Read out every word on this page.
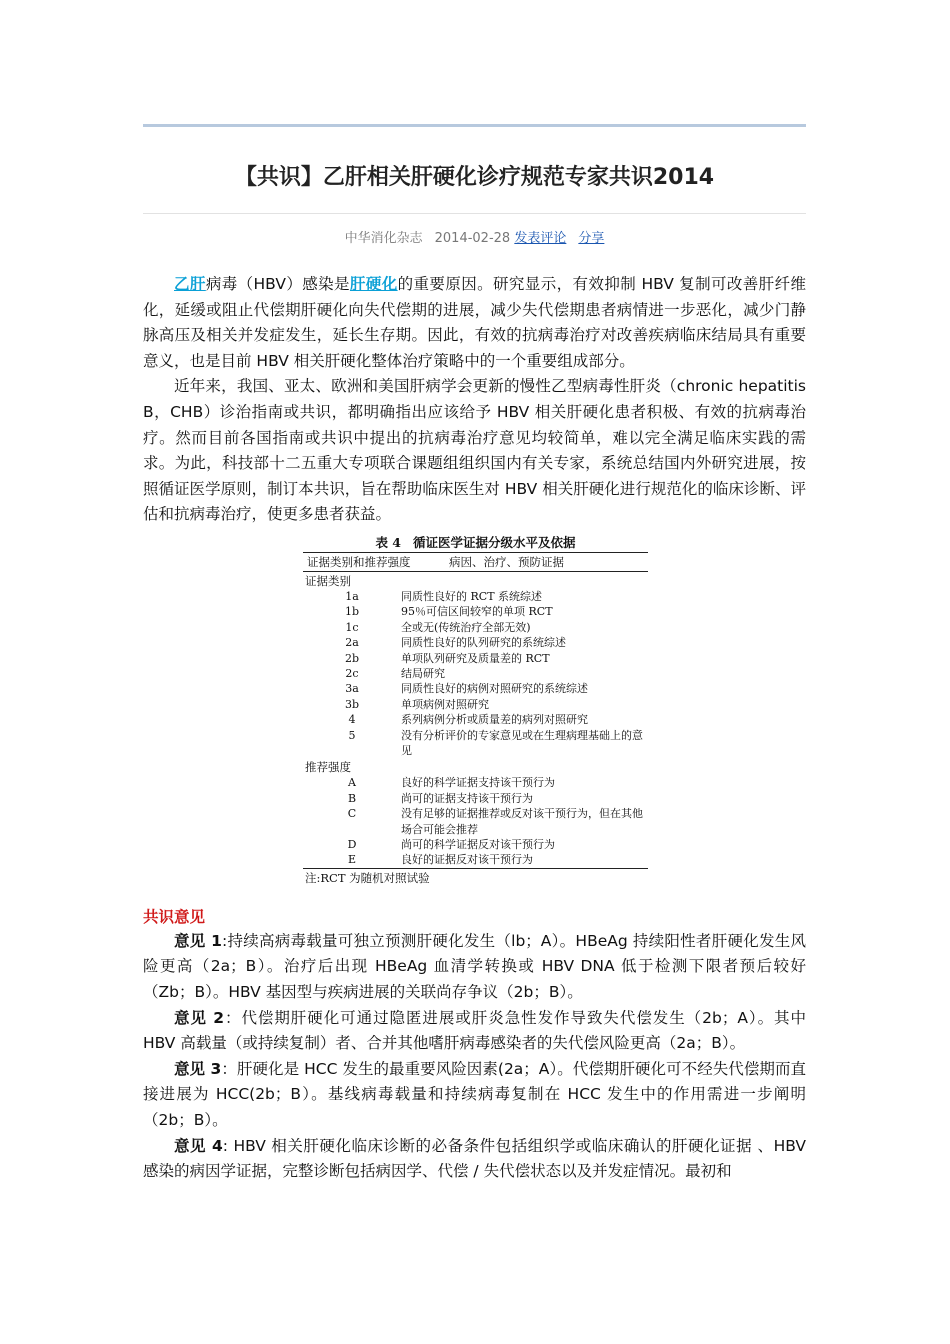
【共识】乙肝相关肝硬化诊疗规范专家共识2014
中华消化杂志 2014-02-28 发表评论 分享

乙肝病毒（HBV）感染是肝硬化的重要原因。研究显示，有效抑制 HBV 复制可改善肝纤维化，延缓或阻止代偿期肝硬化向失代偿期的进展，减少失代偿期患者病情进一步恶化，减少门静脉高压及相关并发症发生，延长生存期。因此，有效的抗病毒治疗对改善疾病临床结局具有重要意义，也是目前 HBV 相关肝硬化整体治疗策略中的一个重要组成部分。

近年来，我国、亚太、欧洲和美国肝病学会更新的慢性乙型病毒性肝炎（chronic hepatitis B，CHB）诊治指南或共识，都明确指出应该给予 HBV 相关肝硬化患者积极、有效的抗病毒治疗。然而目前各国指南或共识中提出的抗病毒治疗意见均较简单，难以完全满足临床实践的需求。为此，科技部十二五重大专项联合课题组组织国内有关专家，系统总结国内外研究进展，按照循证医学原则，制订本共识，旨在帮助临床医生对 HBV 相关肝硬化进行规范化的临床诊断、评估和抗病毒治疗，使更多患者获益。

表 4 循证医学证据分级水平及依据
证据类别和推荐强度	病因、治疗、预防证据
证据类别
1a	同质性良好的 RCT 系统综述
1b	95％可信区间较窄的单项 RCT
1c	全或无(传统治疗全部无效)
2a	同质性良好的队列研究的系统综述
2b	单项队列研究及质量差的 RCT
2c	结局研究
3a	同质性良好的病例对照研究的系统综述
3b	单项病例对照研究
4	系列病例分析或质量差的病列对照研究
5	没有分析评价的专家意见或在生理病理基础上的意见
推荐强度
A	良好的科学证据支持该干预行为
B	尚可的证据支持该干预行为
C	没有足够的证据推荐或反对该干预行为，但在其他场合可能会推荐
D	尚可的科学证据反对该干预行为
E	良好的证据反对该干预行为
注:RCT 为随机对照试验
共识意见

意见 1:持续高病毒载量可独立预测肝硬化发生（lb；A）。HBeAg 持续阳性者肝硬化发生风险更高（2a；B）。治疗后出现 HBeAg 血清学转换或 HBV DNA 低于检测下限者预后较好（Zb；B）。HBV 基因型与疾病进展的关联尚存争议（2b；B）。

意见 2：代偿期肝硬化可通过隐匿进展或肝炎急性发作导致失代偿发生（2b；A）。其中 HBV 高载量（或持续复制）者、合并其他嗜肝病毒感染者的失代偿风险更高（2a；B）。

意见 3：肝硬化是 HCC 发生的最重要风险因素(2a；A）。代偿期肝硬化可不经失代偿期而直接进展为 HCC(2b；B）。基线病毒载量和持续病毒复制在 HCC 发生中的作用需进一步阐明（2b；B）。

意见 4: HBV 相关肝硬化临床诊断的必备条件包括组织学或临床确认的肝硬化证据 、HBV 感染的病因学证据，完整诊断包括病因学、代偿 / 失代偿状态以及并发症情况。最初和
